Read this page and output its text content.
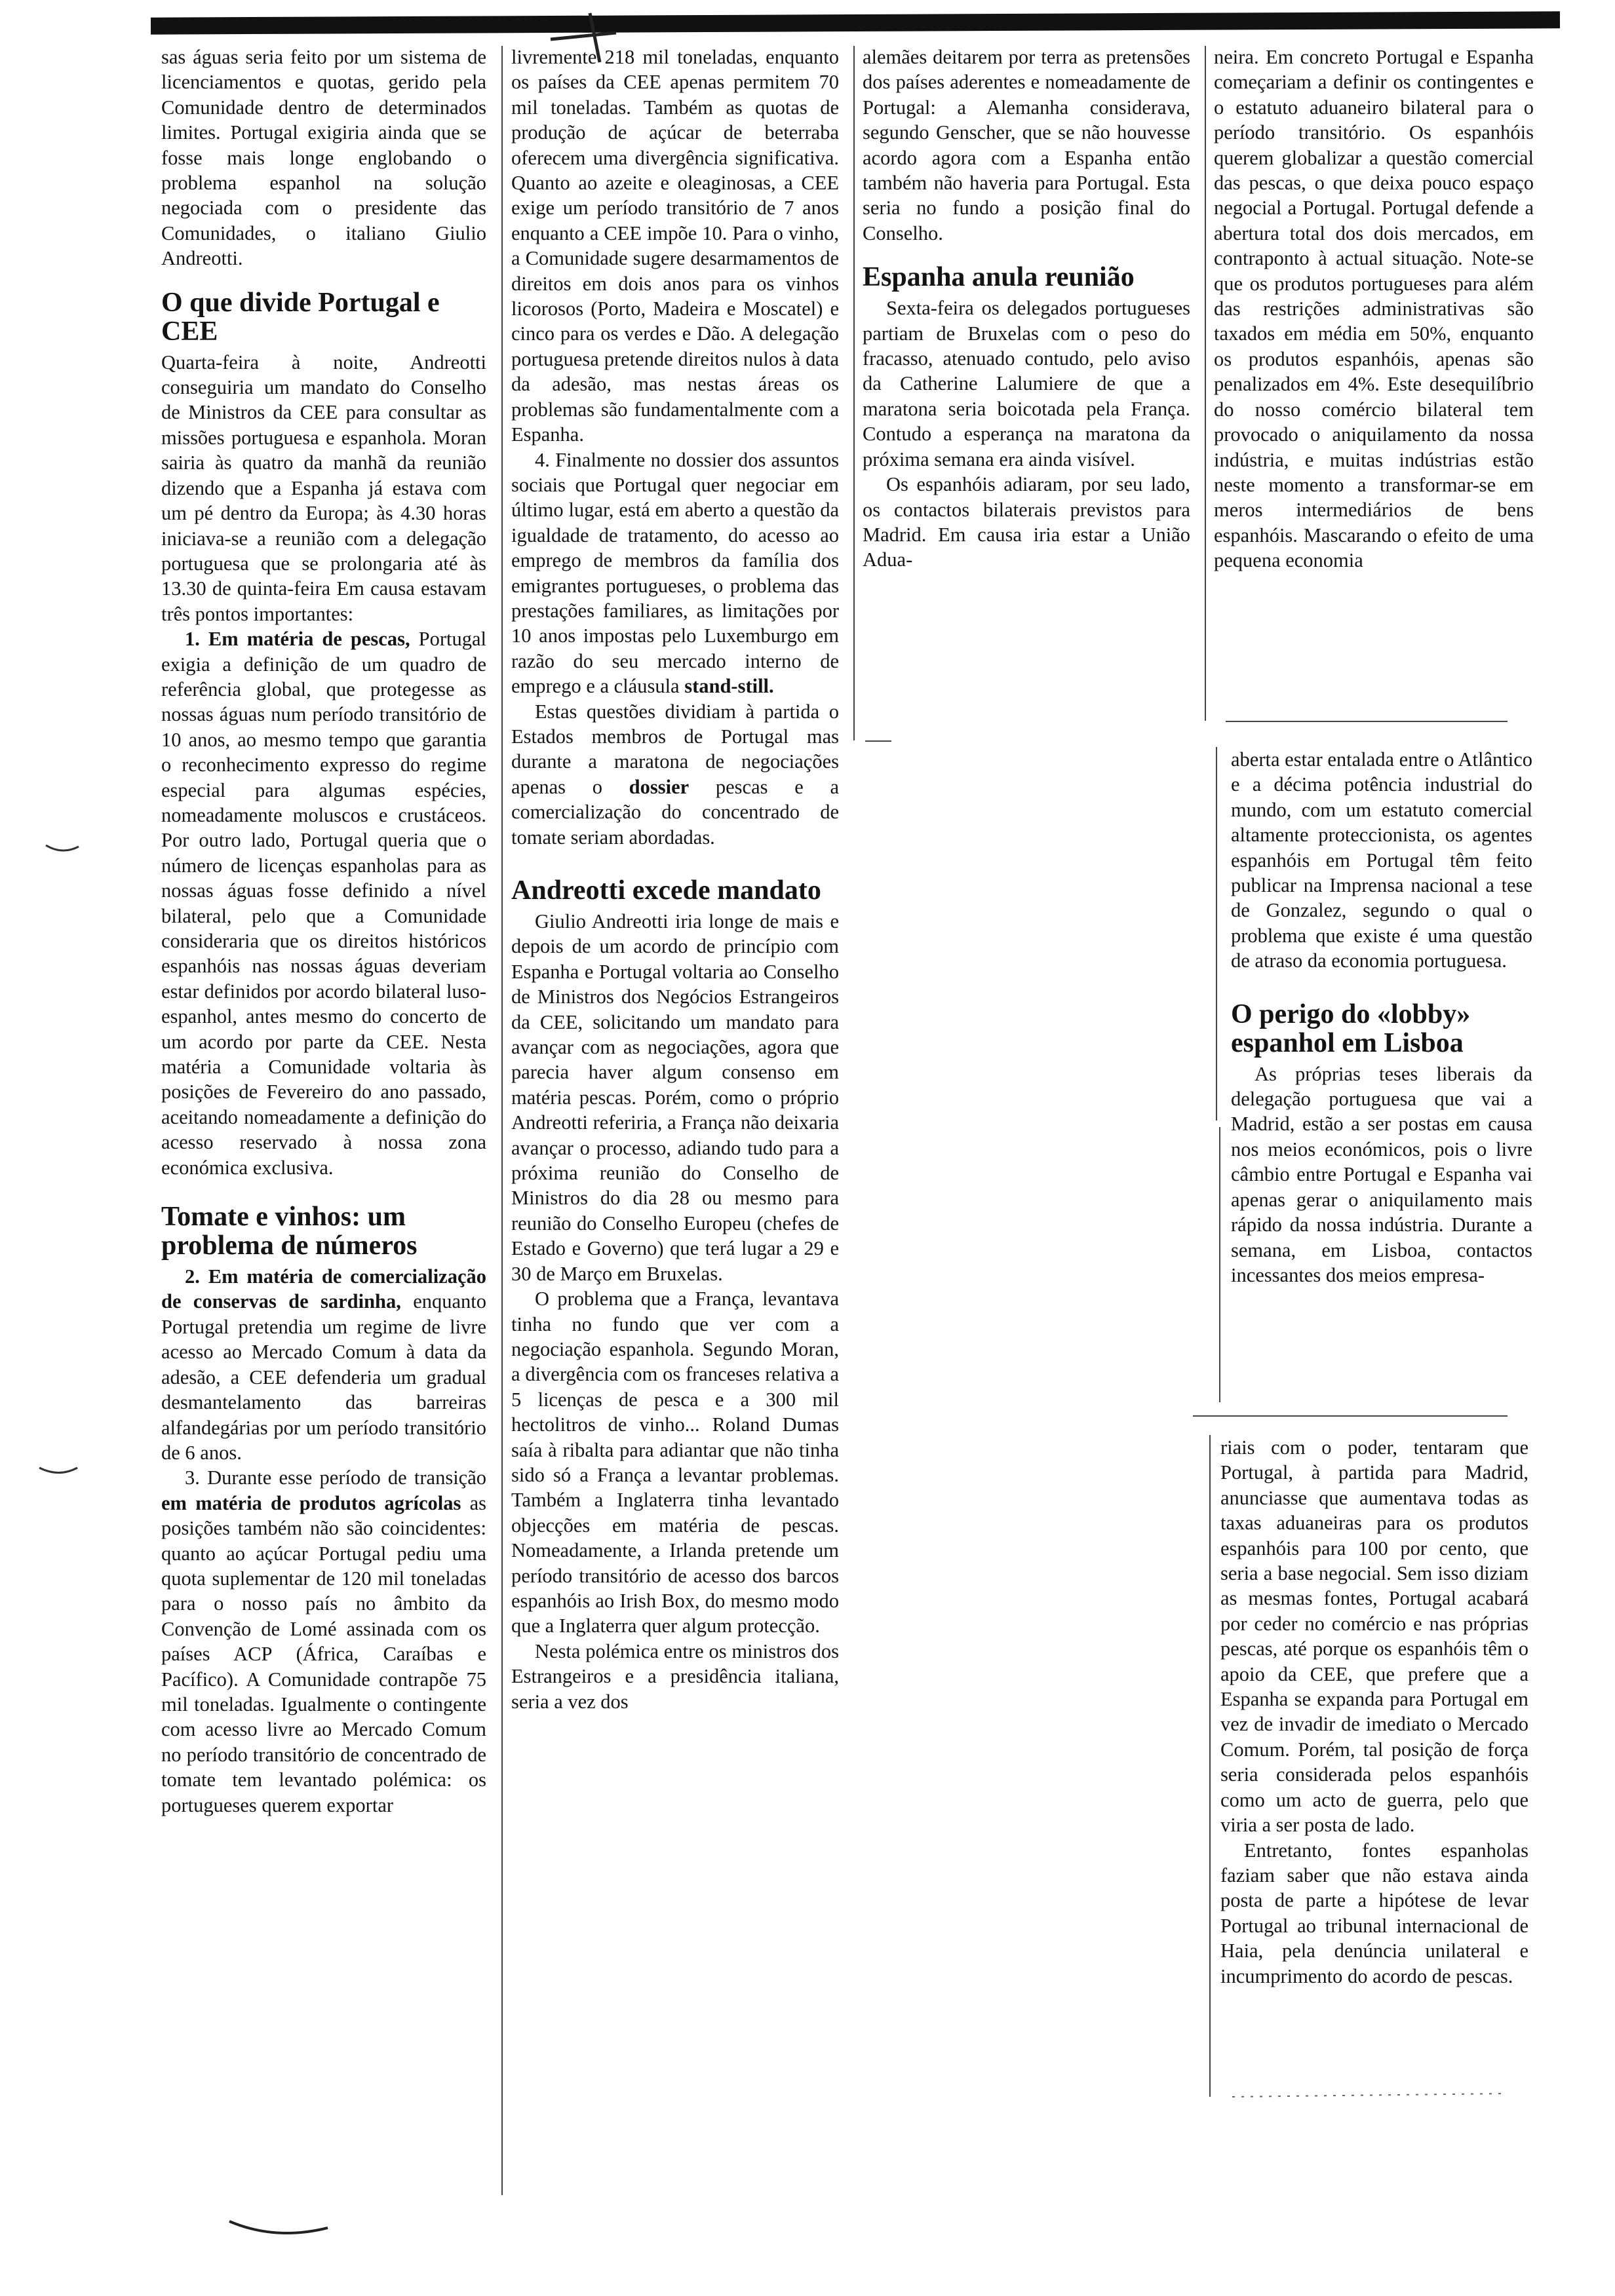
sas águas seria feito por um sistema de licenciamentos e quotas, gerido pela Comunidade dentro de determinados limites. Portugal exigiria ainda que se fosse mais longe englobando o problema espanhol na solução negociada com o presidente das Comunidades, o italiano Giulio Andreotti.

O que divide Portugal e CEE

Quarta-feira à noite, Andreotti conseguiria um mandato do Conselho de Ministros da CEE para consultar as missões portuguesa e espanhola. Moran sairia às quatro da manhã da reunião dizendo que a Espanha já estava com um pé dentro da Europa; às 4.30 horas iniciava-se a reunião com a delegação portuguesa que se prolongaria até às 13.30 de quinta-feira Em causa estavam três pontos importantes:

1. Em matéria de pescas, Portugal exigia a definição de um quadro de referência global, que protegesse as nossas águas num período transitório de 10 anos, ao mesmo tempo que garantia o reconhecimento expresso do regime especial para algumas espécies, nomeadamente moluscos e crustáceos. Por outro lado, Portugal queria que o número de licenças espanholas para as nossas águas fosse definido a nível bilateral, pelo que a Comunidade consideraria que os direitos históricos espanhóis nas nossas águas deveriam estar definidos por acordo bilateral luso-espanhol, antes mesmo do concerto de um acordo por parte da CEE. Nesta matéria a Comunidade voltaria às posições de Fevereiro do ano passado, aceitando nomeadamente a definição do acesso reservado à nossa zona económica exclusiva.

Tomate e vinhos: um problema de números

2. Em matéria de comercialização de conservas de sardinha, enquanto Portugal pretendia um regime de livre acesso ao Mercado Comum à data da adesão, a CEE defenderia um gradual desmantelamento das barreiras alfandegárias por um período transitório de 6 anos.

3. Durante esse período de transição em matéria de produtos agrícolas as posições também não são coincidentes: quanto ao açúcar Portugal pediu uma quota suplementar de 120 mil toneladas para o nosso país no âmbito da Convenção de Lomé assinada com os países ACP (África, Caraíbas e Pacífico). A Comunidade contrapõe 75 mil toneladas. Igualmente o contingente com acesso livre ao Mercado Comum no período transitório de concentrado de tomate tem levantado polémica: os portugueses querem exportar

livremente 218 mil toneladas, enquanto os países da CEE apenas permitem 70 mil toneladas. Também as quotas de produção de açúcar de beterraba oferecem uma divergência significativa. Quanto ao azeite e oleaginosas, a CEE exige um período transitório de 7 anos enquanto a CEE impõe 10. Para o vinho, a Comunidade sugere desarmamentos de direitos em dois anos para os vinhos licorosos (Porto, Madeira e Moscatel) e cinco para os verdes e Dão. A delegação portuguesa pretende direitos nulos à data da adesão, mas nestas áreas os problemas são fundamentalmente com a Espanha.

4. Finalmente no dossier dos assuntos sociais que Portugal quer negociar em último lugar, está em aberto a questão da igualdade de tratamento, do acesso ao emprego de membros da família dos emigrantes portugueses, o problema das prestações familiares, as limitações por 10 anos impostas pelo Luxemburgo em razão do seu mercado interno de emprego e a cláusula stand-still.

Estas questões dividiam à partida o Estados membros de Portugal mas durante a maratona de negociações apenas o dossier pescas e a comercialização do concentrado de tomate seriam abordadas.

Andreotti excede mandato

Giulio Andreotti iria longe de mais e depois de um acordo de princípio com Espanha e Portugal voltaria ao Conselho de Ministros dos Negócios Estrangeiros da CEE, solicitando um mandato para avançar com as negociações, agora que parecia haver algum consenso em matéria pescas. Porém, como o próprio Andreotti referiria, a França não deixaria avançar o processo, adiando tudo para a próxima reunião do Conselho de Ministros do dia 28 ou mesmo para reunião do Conselho Europeu (chefes de Estado e Governo) que terá lugar a 29 e 30 de Março em Bruxelas.

O problema que a França, levantava tinha no fundo que ver com a negociação espanhola. Segundo Moran, a divergência com os franceses relativa a 5 licenças de pesca e a 300 mil hectolitros de vinho... Roland Dumas saía à ribalta para adiantar que não tinha sido só a França a levantar problemas. Também a Inglaterra tinha levantado objecções em matéria de pescas. Nomeadamente, a Irlanda pretende um período transitório de acesso dos barcos espanhóis ao Irish Box, do mesmo modo que a Inglaterra quer algum protecção.

Nesta polémica entre os ministros dos Estrangeiros e a presidência italiana, seria a vez dos

alemães deitarem por terra as pretensões dos países aderentes e nomeadamente de Portugal: a Alemanha considerava, segundo Genscher, que se não houvesse acordo agora com a Espanha então também não haveria para Portugal. Esta seria no fundo a posição final do Conselho.

Espanha anula reunião

Sexta-feira os delegados portugueses partiam de Bruxelas com o peso do fracasso, atenuado contudo, pelo aviso da Catherine Lalumiere de que a maratona seria boicotada pela França. Contudo a esperança na maratona da próxima semana era ainda visível.

Os espanhóis adiaram, por seu lado, os contactos bilaterais previstos para Madrid. Em causa iria estar a União Adua-

neira. Em concreto Portugal e Espanha começariam a definir os contingentes e o estatuto aduaneiro bilateral para o período transitório. Os espanhóis querem globalizar a questão comercial das pescas, o que deixa pouco espaço negocial a Portugal. Portugal defende a abertura total dos dois mercados, em contraponto à actual situação. Note-se que os produtos portugueses para além das restrições administrativas são taxados em média em 50%, enquanto os produtos espanhóis, apenas são penalizados em 4%. Este desequilíbrio do nosso comércio bilateral tem provocado o aniquilamento da nossa indústria, e muitas indústrias estão neste momento a transformar-se em meros intermediários de bens espanhóis. Mascarando o efeito de uma pequena economia

aberta estar entalada entre o Atlântico e a décima potência industrial do mundo, com um estatuto comercial altamente proteccionista, os agentes espanhóis em Portugal têm feito publicar na Imprensa nacional a tese de Gonzalez, segundo o qual o problema que existe é uma questão de atraso da economia portuguesa.

O perigo do «lobby» espanhol em Lisboa

As próprias teses liberais da delegação portuguesa que vai a Madrid, estão a ser postas em causa nos meios económicos, pois o livre câmbio entre Portugal e Espanha vai apenas gerar o aniquilamento mais rápido da nossa indústria. Durante a semana, em Lisboa, contactos incessantes dos meios empresa-

riais com o poder, tentaram que Portugal, à partida para Madrid, anunciasse que aumentava todas as taxas aduaneiras para os produtos espanhóis para 100 por cento, que seria a base negocial. Sem isso diziam as mesmas fontes, Portugal acabará por ceder no comércio e nas próprias pescas, até porque os espanhóis têm o apoio da CEE, que prefere que a Espanha se expanda para Portugal em vez de invadir de imediato o Mercado Comum. Porém, tal posição de força seria considerada pelos espanhóis como um acto de guerra, pelo que viria a ser posta de lado.

Entretanto, fontes espanholas faziam saber que não estava ainda posta de parte a hipótese de levar Portugal ao tribunal internacional de Haia, pela denúncia unilateral e incumprimento do acordo de pescas.
